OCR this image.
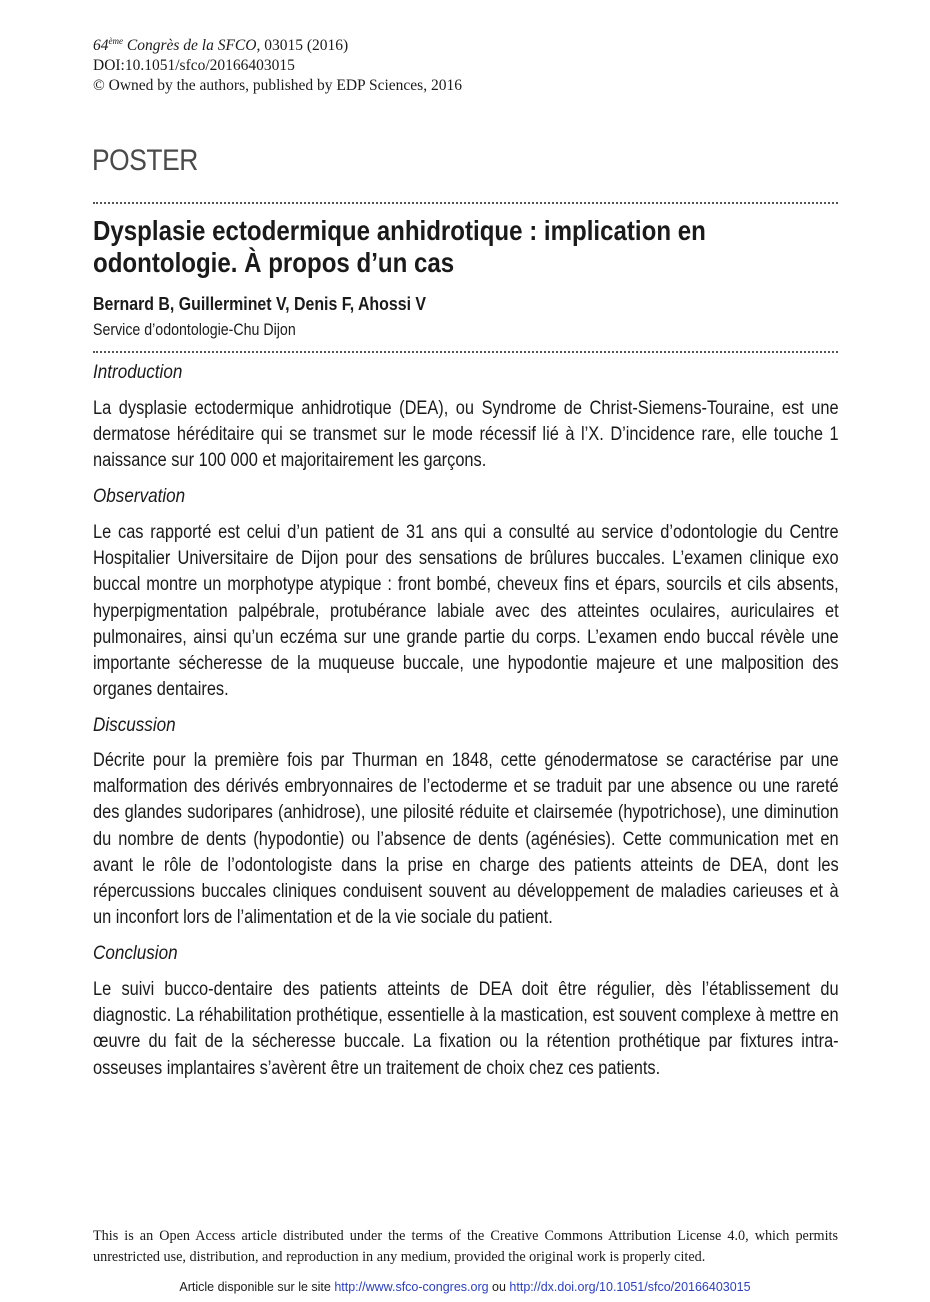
64ème Congrès de la SFCO, 03015 (2016)
DOI:10.1051/sfco/20166403015
© Owned by the authors, published by EDP Sciences, 2016
POSTER
Dysplasie ectodermique anhidrotique : implication en odontologie. À propos d’un cas
Bernard B, Guillerminet V, Denis F, Ahossi V
Service d’odontologie-Chu Dijon
Introduction
La dysplasie ectodermique anhidrotique (DEA), ou Syndrome de Christ-Siemens-Touraine, est une dermatose héréditaire qui se transmet sur le mode récessif lié à l’X. D’incidence rare, elle touche 1 naissance sur 100 000 et majoritairement les garçons.
Observation
Le cas rapporté est celui d’un patient de 31 ans qui a consulté au service d’odontologie du Centre Hospitalier Universitaire de Dijon pour des sensations de brûlures buccales. L’examen clinique exo buccal montre un morphotype atypique : front bombé, cheveux fins et épars, sourcils et cils absents, hyperpigmentation palpébrale, protubérance labiale avec des atteintes oculaires, auriculaires et pulmonaires, ainsi qu’un eczéma sur une grande partie du corps. L’examen endo buccal révèle une importante sécheresse de la muqueuse buccale, une hypodontie majeure et une malposition des organes dentaires.
Discussion
Décrite pour la première fois par Thurman en 1848, cette génodermatose se caractérise par une malformation des dérivés embryonnaires de l’ectoderme et se traduit par une absence ou une rareté des glandes sudoripares (anhidrose), une pilosité réduite et clairsemée (hypotrichose), une diminution du nombre de dents (hypodontie) ou l’absence de dents (agénésies). Cette communication met en avant le rôle de l’odontologiste dans la prise en charge des patients atteints de DEA, dont les répercussions buccales cliniques conduisent souvent au développement de maladies carieuses et à un inconfort lors de l’alimentation et de la vie sociale du patient.
Conclusion
Le suivi bucco-dentaire des patients atteints de DEA doit être régulier, dès l’établissement du diagnostic. La réhabilitation prothétique, essentielle à la mastication, est souvent complexe à mettre en œuvre du fait de la sécheresse buccale. La fixation ou la rétention prothétique par fixtures intra-osseuses implantaires s’avèrent être un traitement de choix chez ces patients.
This is an Open Access article distributed under the terms of the Creative Commons Attribution License 4.0, which permits unrestricted use, distribution, and reproduction in any medium, provided the original work is properly cited.
Article disponible sur le site http://www.sfco-congres.org ou http://dx.doi.org/10.1051/sfco/20166403015
